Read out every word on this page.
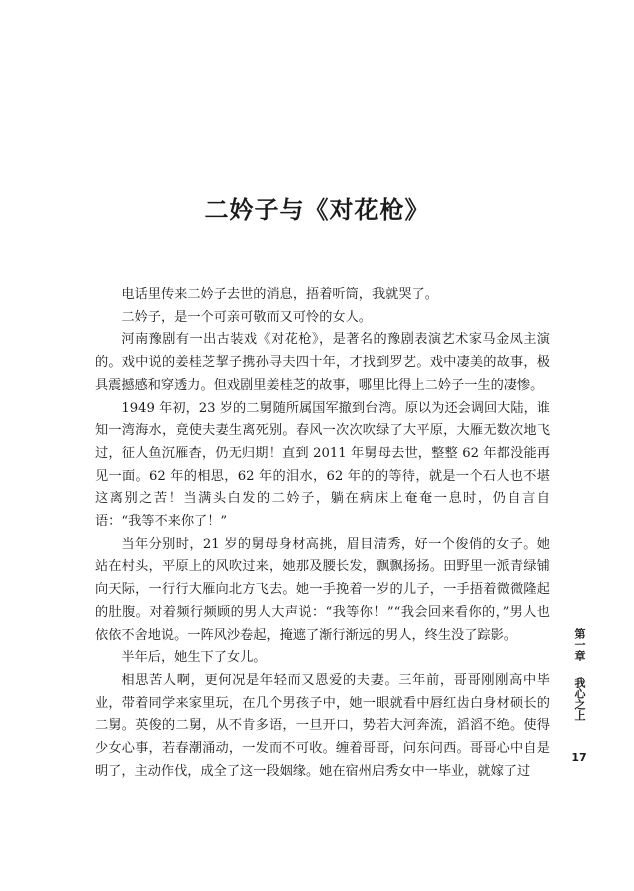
二妗子与《对花枪》

电话里传来二妗子去世的消息，捂着听筒，我就哭了。

二妗子，是一个可亲可敬而又可怜的女人。

河南豫剧有一出古装戏《对花枪》，是著名的豫剧表演艺术家马金凤主演的。戏中说的姜桂芝挈子携孙寻夫四十年，才找到罗艺。戏中凄美的故事，极具震撼感和穿透力。但戏剧里姜桂芝的故事，哪里比得上二妗子一生的凄惨。

1949 年初，23 岁的二舅随所属国军撤到台湾。原以为还会调回大陆，谁知一湾海水，竟使夫妻生离死别。春风一次次吹绿了大平原，大雁无数次地飞过，征人鱼沉雁杳，仍无归期！直到 2011 年舅母去世，整整 62 年都没能再见一面。62 年的相思，62 年的泪水，62 年的的等待，就是一个石人也不堪这离别之苦！当满头白发的二妗子，躺在病床上奄奄一息时，仍自言自语：“我等不来你了！”

当年分别时，21 岁的舅母身材高挑，眉目清秀，好一个俊俏的女子。她站在村头，平原上的风吹过来，她那及腰长发，飘飘扬扬。田野里一派青绿铺向天际，一行行大雁向北方飞去。她一手挽着一岁的儿子，一手捂着微微隆起的肚腹。对着频行频顾的男人大声说：“我等你！”“我会回来看你的，”男人也依依不舍地说。一阵风沙卷起，掩遮了渐行渐远的男人，终生没了踪影。

半年后，她生下了女儿。

相思苦人啊，更何况是年轻而又恩爱的夫妻。三年前，哥哥刚刚高中毕业，带着同学来家里玩，在几个男孩子中，她一眼就看中唇红齿白身材硕长的二舅。英俊的二舅，从不肯多语，一旦开口，势若大河奔流，滔滔不绝。使得少女心事，若春潮涌动，一发而不可收。缠着哥哥，问东问西。哥哥心中自是明了，主动作伐，成全了这一段姻缘。她在宿州启秀女中一毕业，就嫁了过

第一章
我心之上
17
